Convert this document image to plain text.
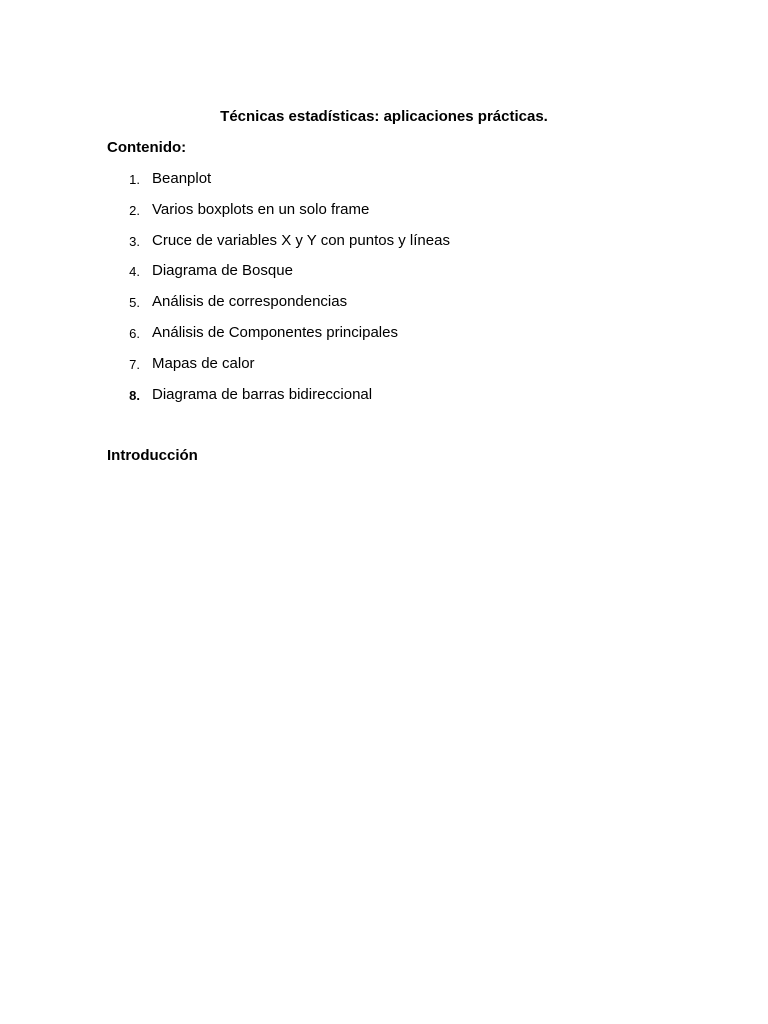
Técnicas estadísticas: aplicaciones prácticas.
Contenido:
1. Beanplot
2. Varios boxplots en un solo frame
3. Cruce de variables X y Y con puntos y líneas
4. Diagrama de Bosque
5. Análisis de correspondencias
6. Análisis de Componentes principales
7. Mapas de calor
8. Diagrama de barras bidireccional
Introducción
